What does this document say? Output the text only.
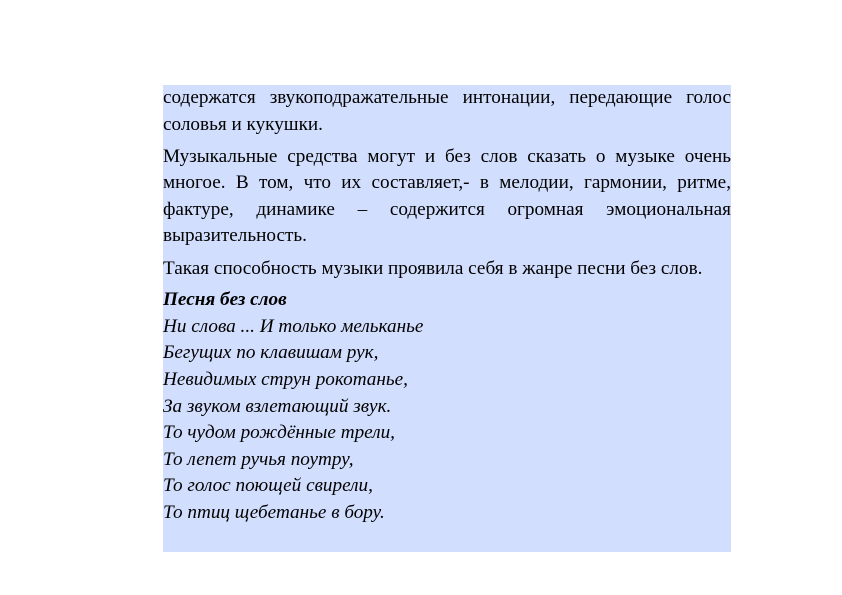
содержатся звукоподражательные интонации, передающие голос соловья и кукушки.

Музыкальные средства могут и без слов сказать о музыке очень многое. В том, что их составляет,- в мелодии, гармонии, ритме, фактуре, динамике – содержится огромная эмоциональная выразительность.

Такая способность музыки проявила себя в жанре песни без слов.

Песня без слов
Ни слова ... И только мельканье
Бегущих по клавишам рук,
Невидимых струн рокотанье,
За звуком взлетающий звук.
То чудом рождённые трели,
То лепет ручья поутру,
То голос поющей свирели,
То птиц щебетанье в бору.
